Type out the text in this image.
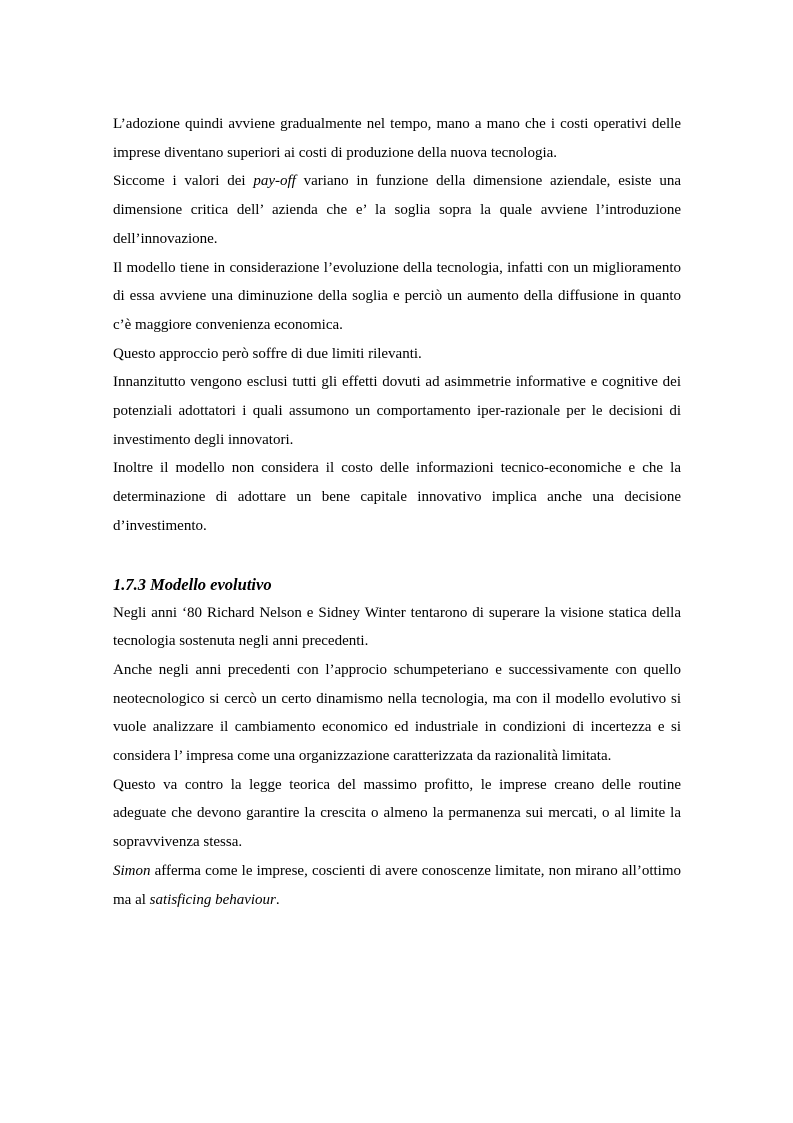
L’adozione quindi avviene gradualmente nel tempo, mano a mano che i costi operativi delle imprese diventano superiori ai costi di produzione della nuova tecnologia.

Siccome i valori dei pay-off variano in funzione della dimensione aziendale, esiste una dimensione critica dell’ azienda che e’ la soglia sopra la quale avviene l’introduzione dell’innovazione.

Il modello tiene in considerazione l’evoluzione della tecnologia, infatti con un miglioramento di essa avviene una diminuzione della soglia e perciò un aumento della diffusione in quanto c’è maggiore convenienza economica.

Questo approccio però soffre di due limiti rilevanti.

Innanzitutto vengono esclusi tutti gli effetti dovuti ad asimmetrie informative e cognitive dei potenziali adottatori i quali assumono un comportamento iper-razionale per le decisioni di investimento degli innovatori.

Inoltre il modello non considera il costo delle informazioni tecnico-economiche e che la determinazione di adottare un bene capitale innovativo implica anche una decisione d’investimento.

1.7.3 Modello evolutivo

Negli anni ‘80 Richard Nelson e Sidney Winter tentarono di superare la visione statica della tecnologia sostenuta negli anni precedenti.

Anche negli anni precedenti con l’approcio schumpeteriano e successivamente con quello neotecnologico si cercò un certo dinamismo nella tecnologia, ma con il modello evolutivo si vuole analizzare il cambiamento economico ed industriale in condizioni di incertezza e si considera l’ impresa come una organizzazione caratterizzata da razionalità limitata.

Questo va contro la legge teorica del massimo profitto, le imprese creano delle routine adeguate che devono garantire la crescita o almeno la permanenza sui mercati, o al limite la sopravvivenza stessa.

Simon afferma come le imprese, coscienti di avere conoscenze limitate, non mirano all’ottimo ma al satisficing behaviour.
